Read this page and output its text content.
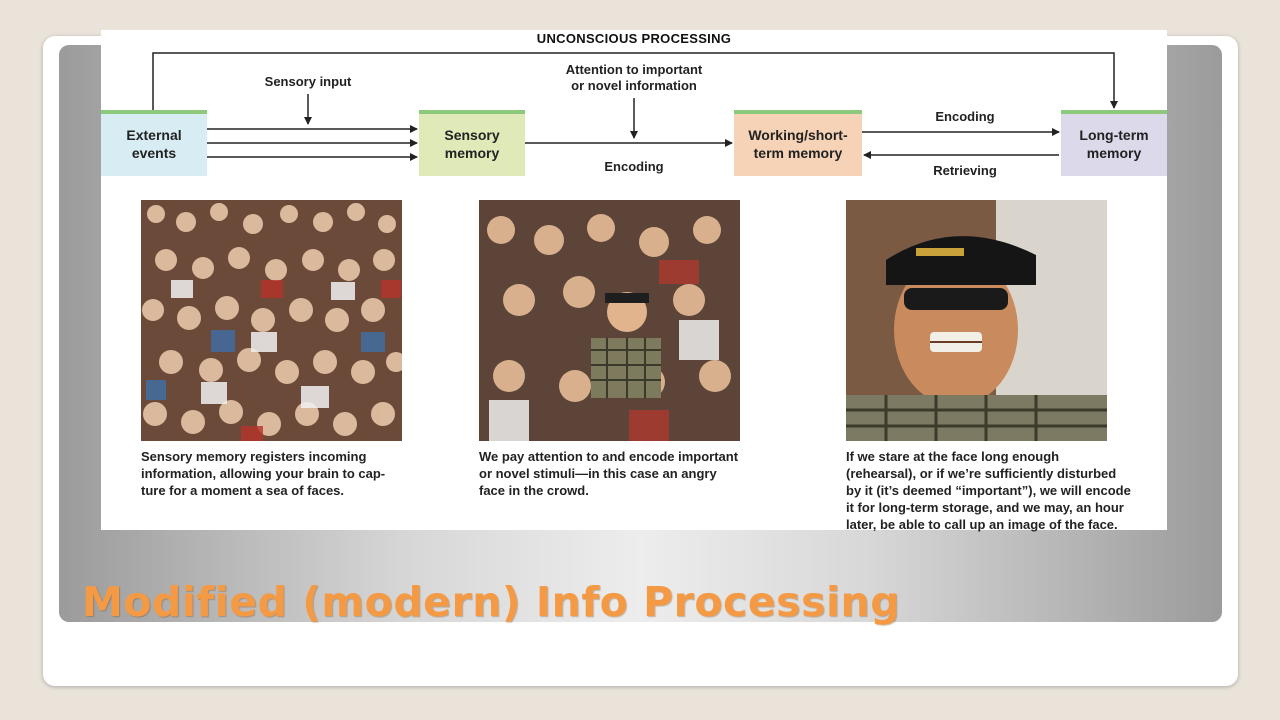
UNCONSCIOUS PROCESSING
External
events
Sensory
memory
Working/short-
term memory
Long-term
memory
Sensory input
Attention to important
or novel information
Encoding
Encoding
Retrieving
Sensory memory registers incoming
information, allowing your brain to cap-
ture for a moment a sea of faces.
We pay attention to and encode important
or novel stimuli—in this case an angry
face in the crowd.
If we stare at the face long enough
(rehearsal), or if we’re sufficiently disturbed
by it (it’s deemed “important”), we will encode
it for long-term storage, and we may, an hour
later, be able to call up an image of the face.
Modified (modern) Info Processing
